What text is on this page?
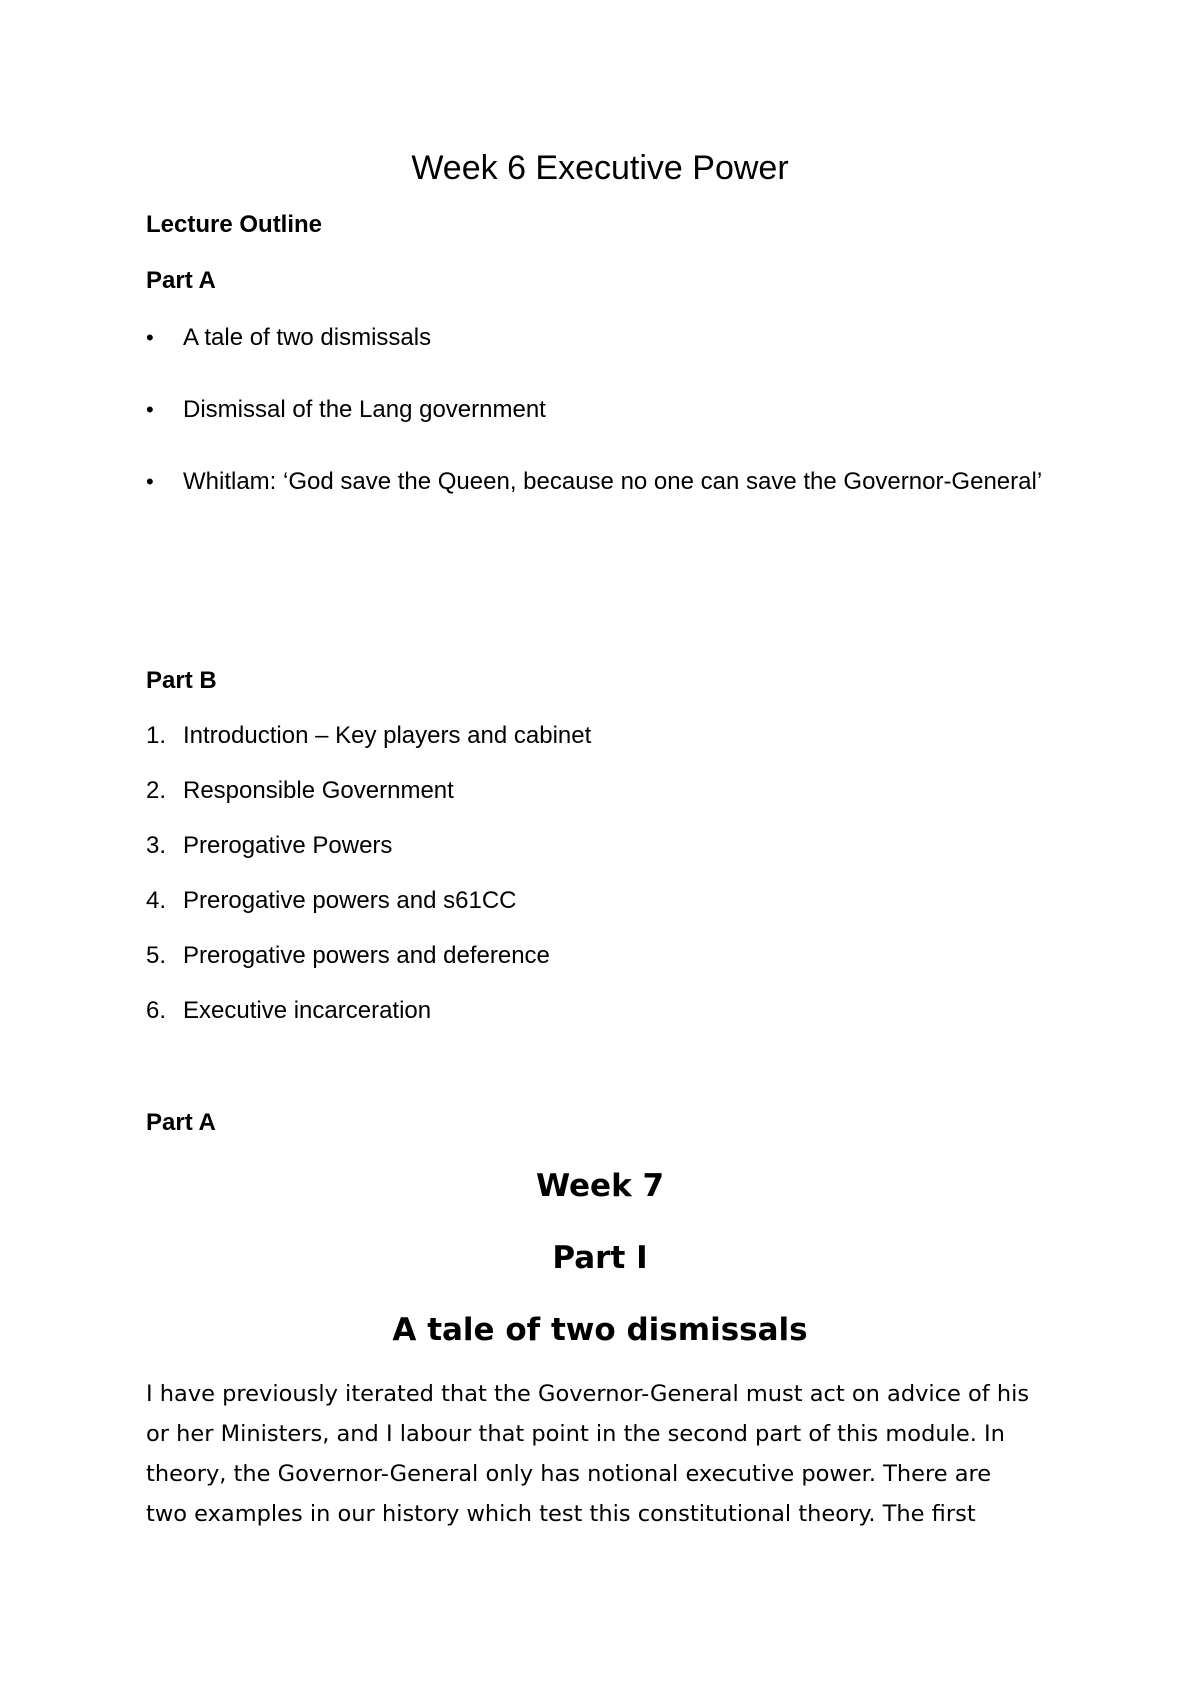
Week 6 Executive Power
Lecture Outline
Part A
•	A tale of two dismissals
•	Dismissal of the Lang government
•	Whitlam: ‘God save the Queen, because no one can save the Governor-General’
Part B
1. Introduction – Key players and cabinet
2. Responsible Government
3. Prerogative Powers
4. Prerogative powers and s61CC
5. Prerogative powers and deference
6. Executive incarceration
Part A
Week 7
Part I
A tale of two dismissals
I have previously iterated that the Governor-General must act on advice of his
or her Ministers, and I labour that point in the second part of this module. In
theory, the Governor-General only has notional executive power. There are
two examples in our history which test this constitutional theory. The first
